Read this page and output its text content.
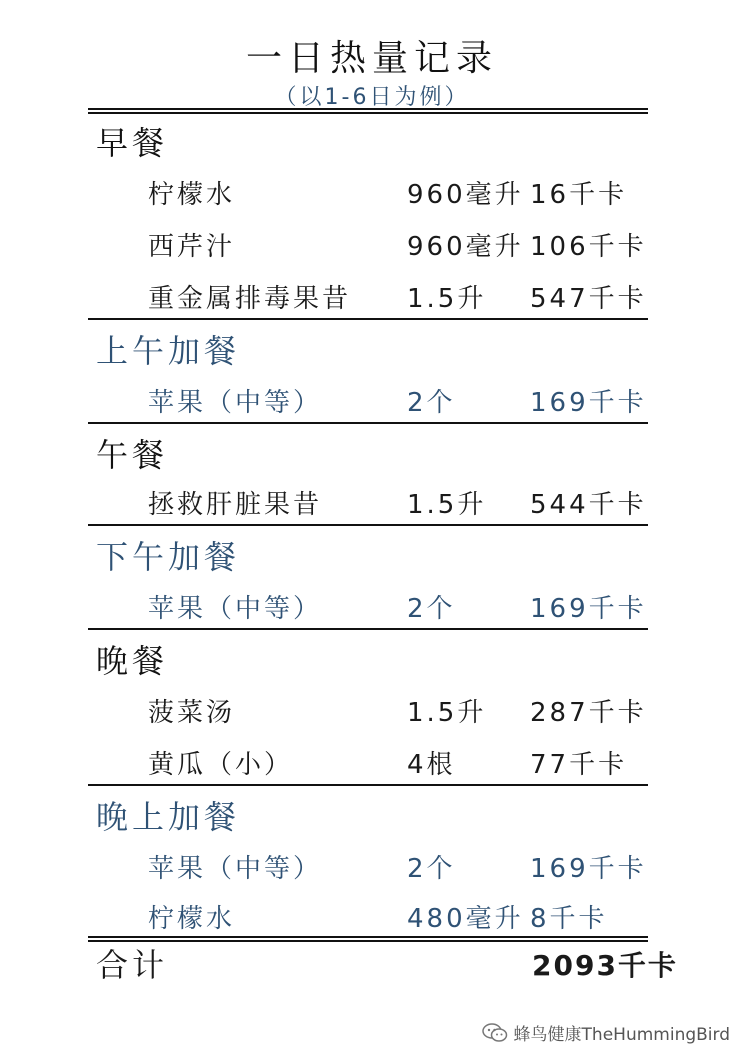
一日热量记录
（以1-6日为例）
早餐
柠檬水	960毫升 16千卡
西芹汁	960毫升 106千卡
重金属排毒果昔 1.5升 547千卡
上午加餐
苹果（中等）	2个	169千卡
午餐
拯救肝脏果昔	1.5升 544千卡
下午加餐
苹果（中等）	2个	169千卡
晚餐
菠菜汤	1.5升 287千卡
黄瓜（小）	4根	77千卡
晚上加餐
苹果（中等）	2个	169千卡
柠檬水	480毫升 8千卡
合计	2093千卡
蜂鸟健康TheHummingBird
